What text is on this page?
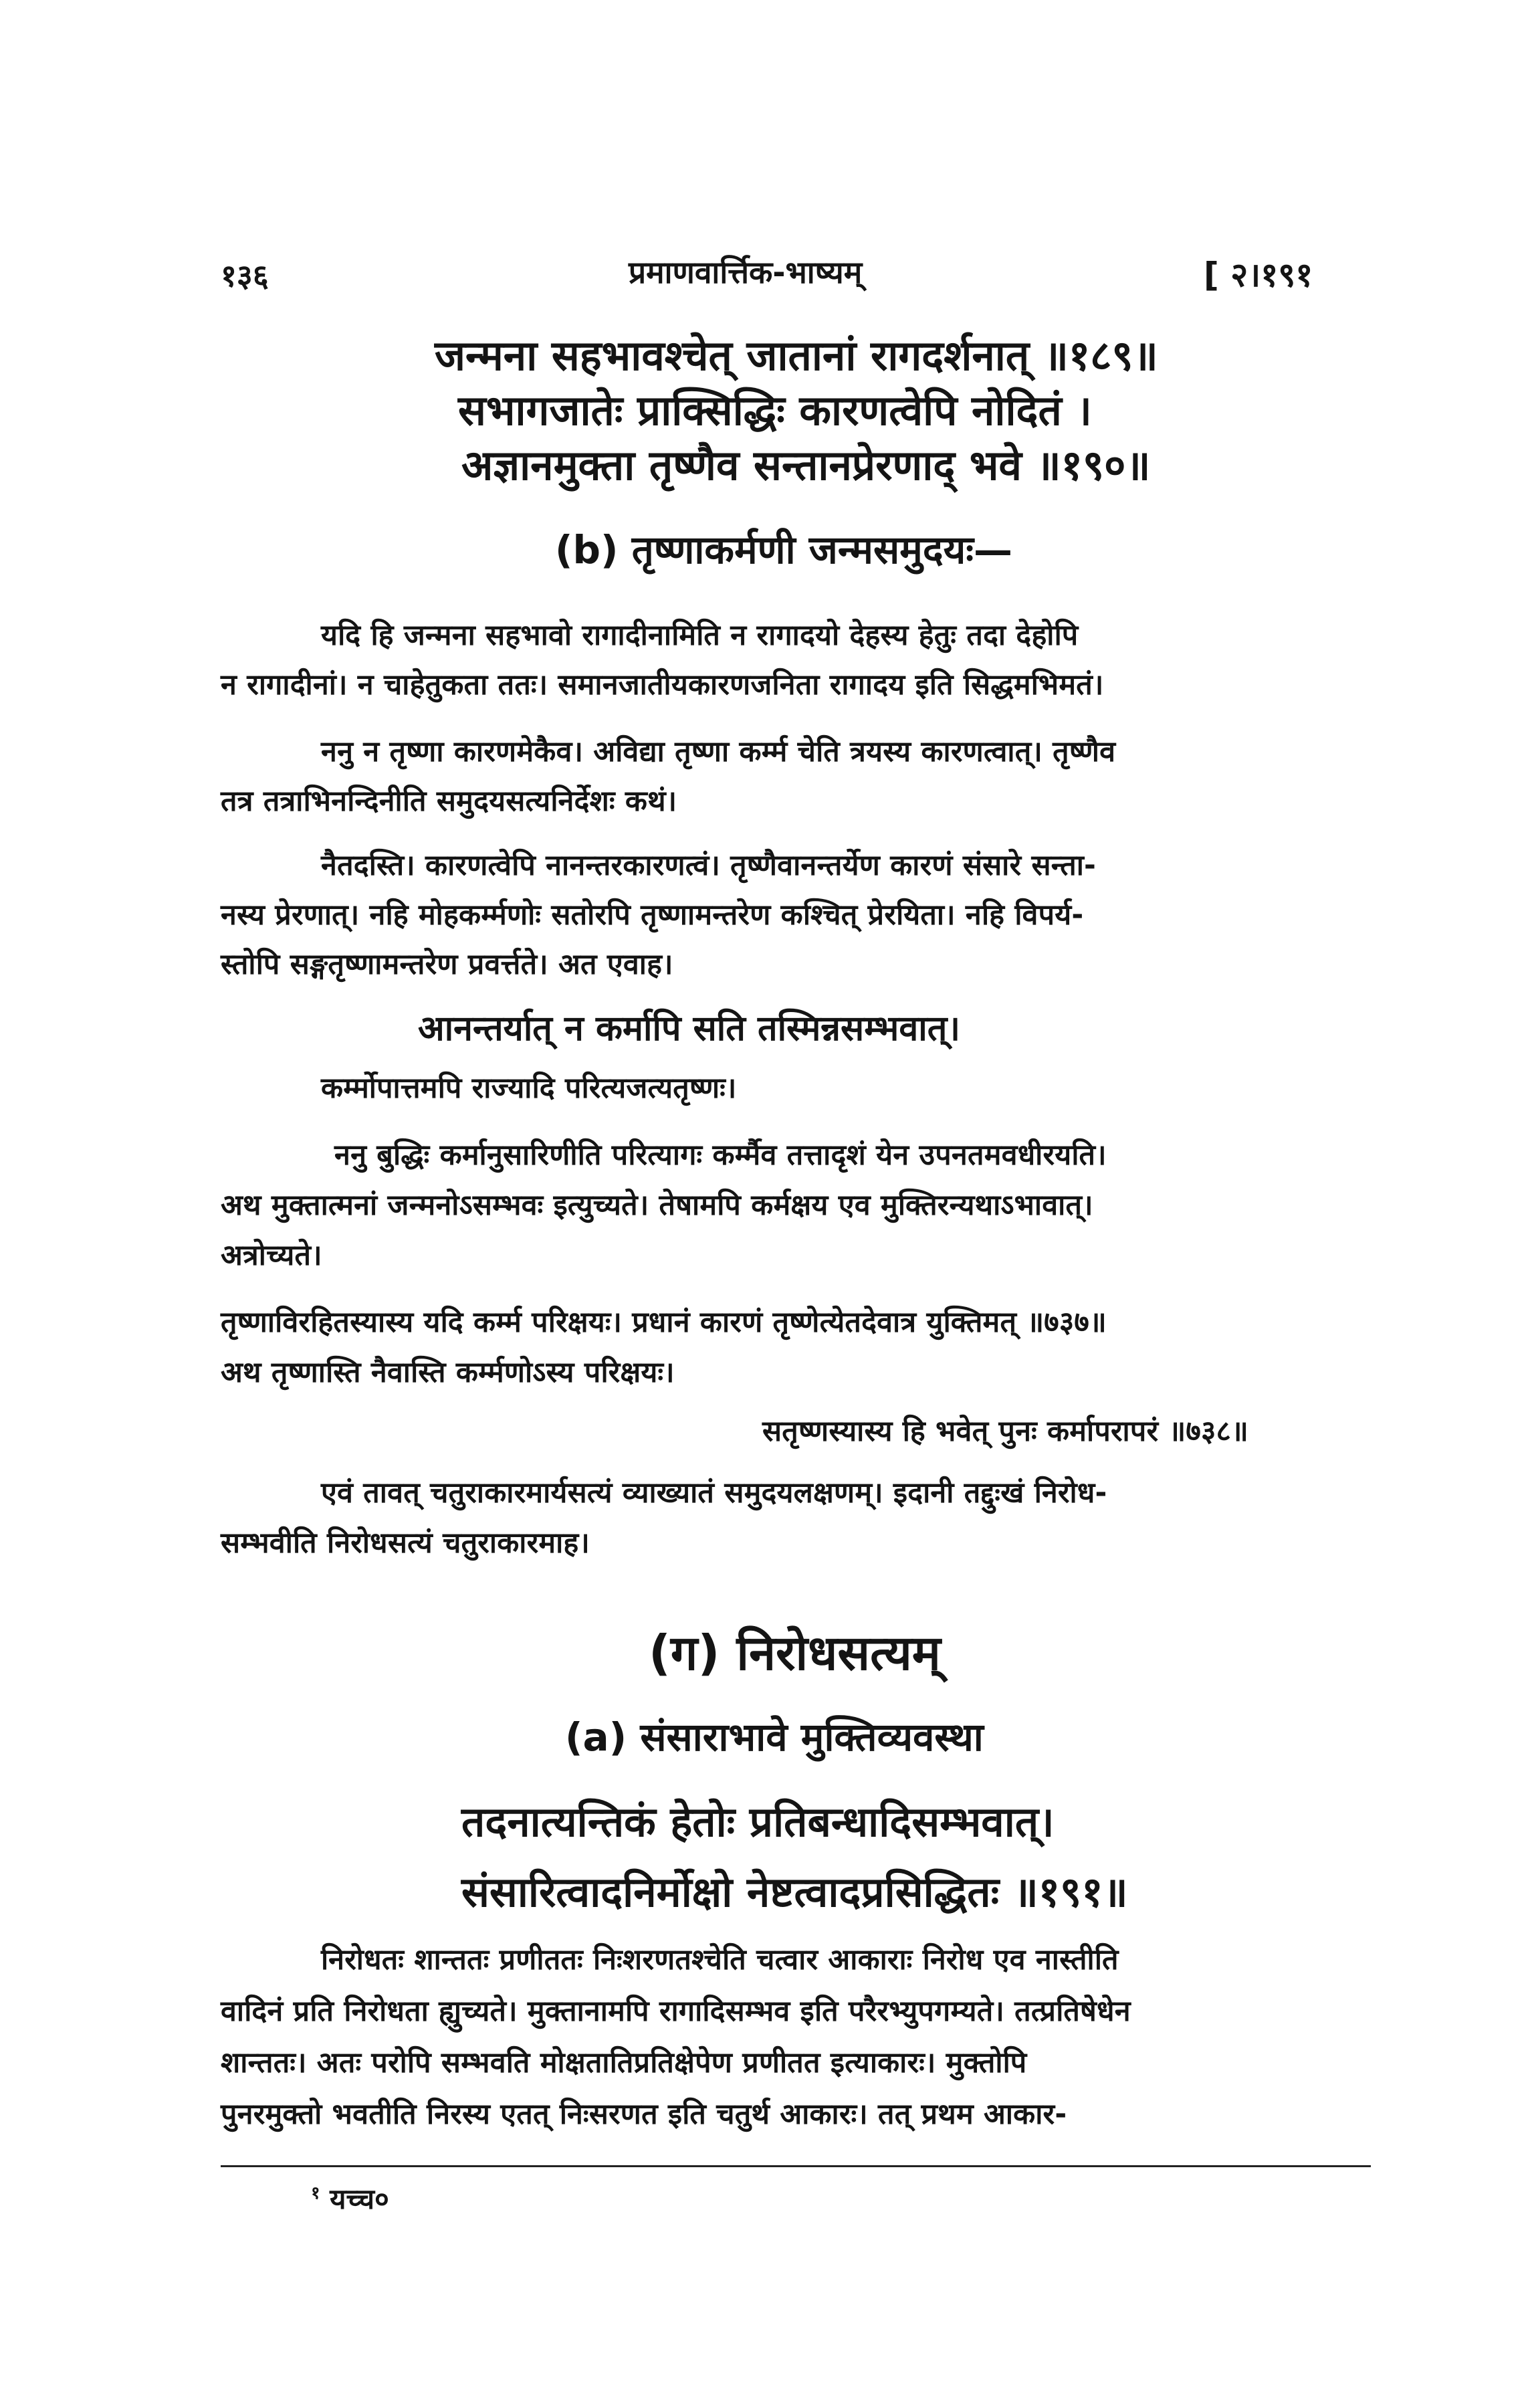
१३६	प्रमाणवार्त्तिक-भाष्यम्	[ २।१९१
जन्मना सहभावश्चेत् जातानां रागदर्शनात् ॥१८९॥
सभागजातेः प्राक्सिद्धिः कारणत्वेपि नोदितं ।
अज्ञानमुक्ता तृष्णैव सन्तानप्रेरणाद् भवे ॥१९०॥
(b) तृष्णाकर्मणी जन्मसमुदयः—
यदि हि जन्मना सहभावो रागादीनामिति न रागादयो देहस्य हेतुः तदा देहोपि
न रागादीनां। न चाहेतुकता ततः। समानजातीयकारणजनिता रागादय इति सिद्धमभिमतं।
ननु न तृष्णा कारणमेकैव। अविद्या तृष्णा कर्म्म चेति त्रयस्य कारणत्वात्। तृष्णैव
तत्र तत्राभिनन्दिनीति समुदयसत्यनिर्देशः कथं।
नैतदस्ति। कारणत्वेपि नानन्तरकारणत्वं। तृष्णैवानन्तर्येण कारणं संसारे सन्ता-
नस्य प्रेरणात्। नहि मोहकर्म्मणोः सतोरपि तृष्णामन्तरेण कश्चित् प्रेरयिता। नहि विपर्य-
स्तोपि सङ्गतृष्णामन्तरेण प्रवर्त्तते। अत एवाह।
आनन्तर्यात् न कर्मापि सति तस्मिन्नसम्भवात्।
कर्म्मोपात्तमपि राज्यादि परित्यजत्यतृष्णः।
ननु बुद्धिः कर्मानुसारिणीति परित्यागः कर्म्मैव तत्तादृशं येन उपनतमवधीरयति।
अथ मुक्तात्मनां जन्मनोऽसम्भवः इत्युच्यते। तेषामपि कर्मक्षय एव मुक्तिरन्यथाऽभावात्।
अत्रोच्यते।
तृष्णाविरहितस्यास्य यदि कर्म्म परिक्षयः। प्रधानं कारणं तृष्णेत्येतदेवात्र युक्तिमत् ॥७३७॥
अथ तृष्णास्ति नैवास्ति कर्म्मणोऽस्य परिक्षयः।
सतृष्णस्यास्य हि भवेत् पुनः कर्मापरापरं ॥७३८॥
एवं तावत् चतुराकारमार्यसत्यं व्याख्यातं समुदयलक्षणम्। इदानी तद्दुःखं निरोध-
सम्भवीति निरोधसत्यं चतुराकारमाह।
(ग) निरोधसत्यम्
(a) संसाराभावे मुक्तिव्यवस्था
तदनात्यन्तिकं हेतोः प्रतिबन्धादिसम्भवात्।
संसारित्वादनिर्मोक्षो नेष्टत्वादप्रसिद्धितः ॥१९१॥
निरोधतः शान्ततः प्रणीततः निःशरणतश्चेति चत्वार आकाराः निरोध एव नास्तीति
वादिनं प्रति निरोधता ह्युच्यते। मुक्तानामपि रागादिसम्भव इति परैरभ्युपगम्यते। तत्प्रतिषेधेन
शान्ततः। अतः परोपि सम्भवति मोक्षतातिप्रतिक्षेपेण प्रणीतत इत्याकारः। मुक्तोपि
पुनरमुक्तो भवतीति निरस्य एतत् निःसरणत इति चतुर्थ आकारः। तत् प्रथम आकार-
$^१$ यच्च०
